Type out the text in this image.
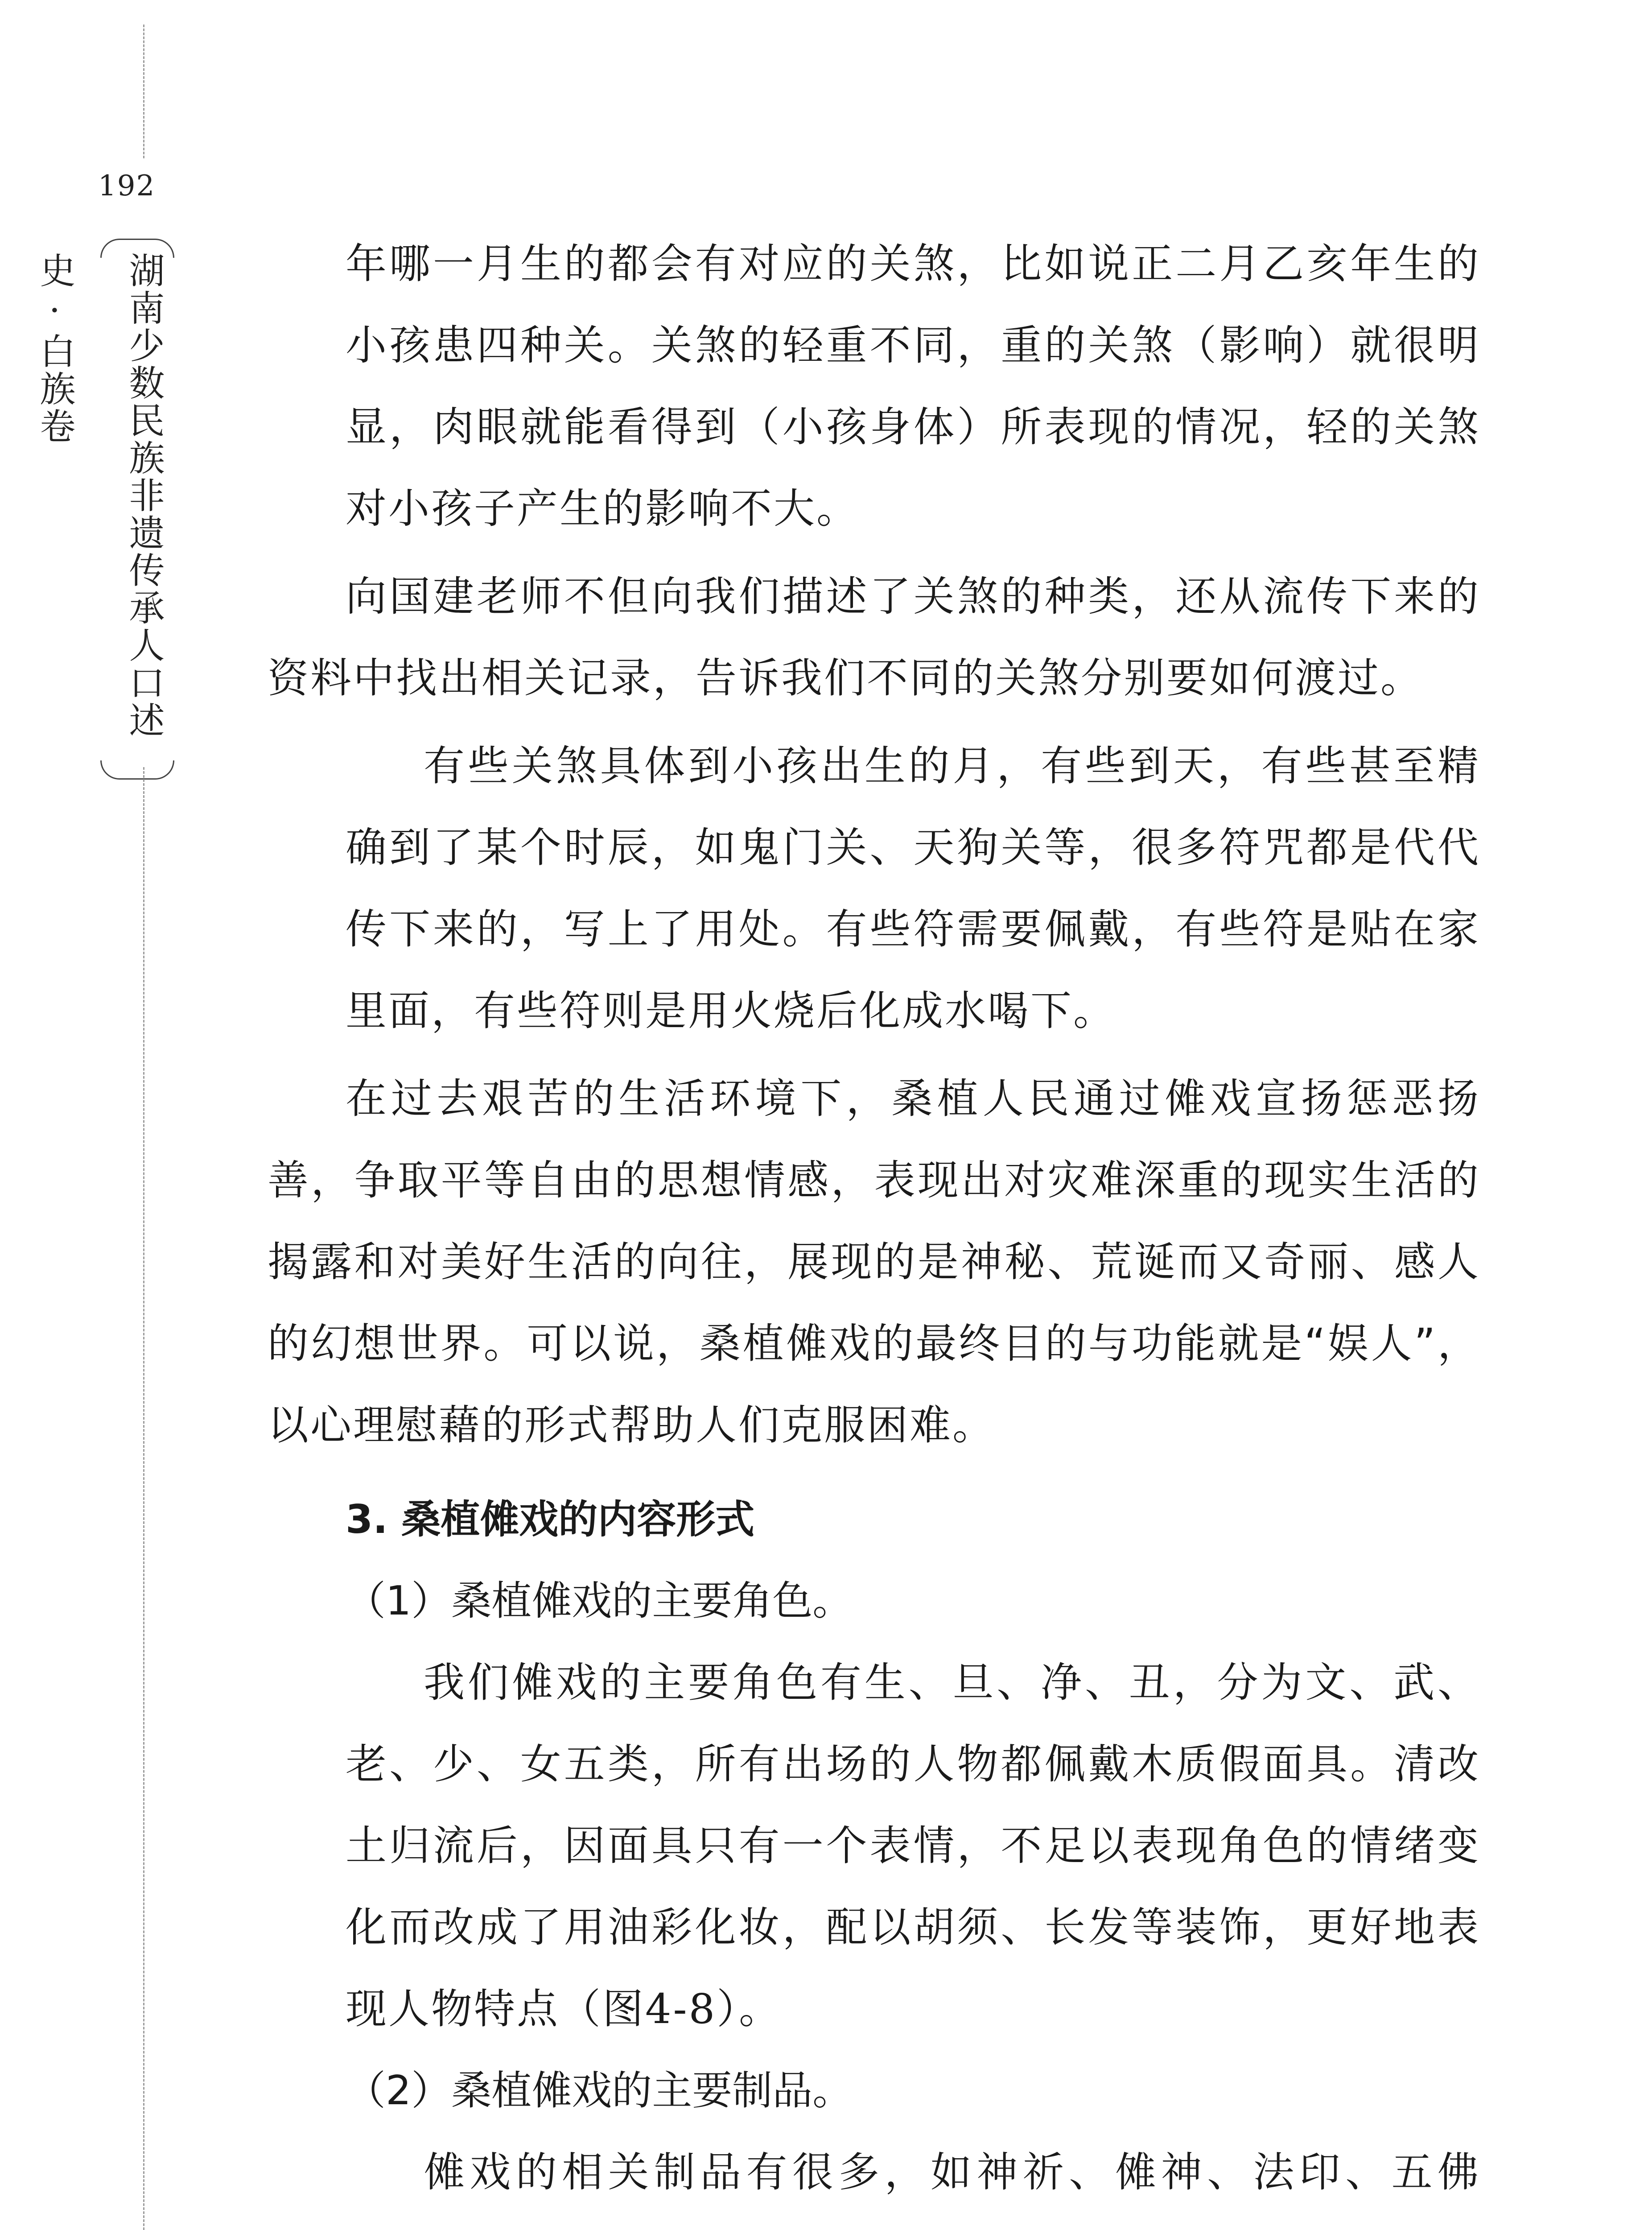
192
湖南少数民族非遗传承人口述史·白族卷	年哪一月生的都会有对应的关煞，比如说正二月乙亥年生的小孩患四种关。关煞的轻重不同，重的关煞（影响）就很明显，肉眼就能看得到（小孩身体）所表现的情况，轻的关煞对小孩子产生的影响不大。

向国建老师不但向我们描述了关煞的种类，还从流传下来的资料中找出相关记录，告诉我们不同的关煞分别要如何渡过。

有些关煞具体到小孩出生的月，有些到天，有些甚至精确到了某个时辰，如鬼门关、天狗关等，很多符咒都是代代传下来的，写上了用处。有些符需要佩戴，有些符是贴在家里面，有些符则是用火烧后化成水喝下。

在过去艰苦的生活环境下，桑植人民通过傩戏宣扬惩恶扬善，争取平等自由的思想情感，表现出对灾难深重的现实生活的揭露和对美好生活的向往，展现的是神秘、荒诞而又奇丽、感人的幻想世界。可以说，桑植傩戏的最终目的与功能就是“娱人”，以心理慰藉的形式帮助人们克服困难。

3. 桑植傩戏的内容形式

（1）桑植傩戏的主要角色。

我们傩戏的主要角色有生、旦、净、丑，分为文、武、老、少、女五类，所有出场的人物都佩戴木质假面具。清改土归流后，因面具只有一个表情，不足以表现角色的情绪变化而改成了用油彩化妆，配以胡须、长发等装饰，更好地表现人物特点（图4-8）。

（2）桑植傩戏的主要制品。

傩戏的相关制品有很多，如神祈、傩神、法印、五佛
